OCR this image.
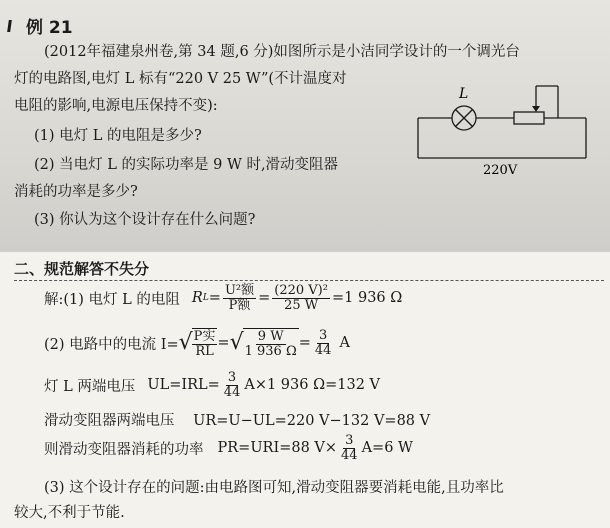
例 21
(2012年福建泉州卷,第 34 题,6 分)如图所示是小洁同学设计的一个调光台
灯的电路图,电灯 L 标有“220 V 25 W”(不计温度对
电阻的影响,电源电压保持不变):
(1) 电灯 L 的电阻是多少?
(2) 当电灯 L 的实际功率是 9 W 时,滑动变阻器
消耗的功率是多少?
(3) 你认为这个设计存在什么问题?
L
220V
二、规范解答不失分
解:(1) 电灯 L 的电阻 R $L = \frac{\text{U²额}}{\text{P额}} = \frac{\text{(220 V)²}}{25 W} =1$ 936 Ω
(2) 电路中的电流 I= √ $\frac{\text{P实}}{RL}$ = √ $\frac{9 W}{1 936 \Omega} = \frac{3}{44}$ A
灯 L 两端电压 $UL=IRL= \frac{3}{44} A\times 1$ 936 Ω=132 V
滑动变阻器两端电压 UR=U−UL=220 V−132 V=88 V
则滑动变阻器消耗的功率 PR=URI=88 $V\times \frac{3}{44} A=6$ W
(3) 这个设计存在的问题:由电路图可知,滑动变阻器要消耗电能,且功率比
较大,不利于节能.
